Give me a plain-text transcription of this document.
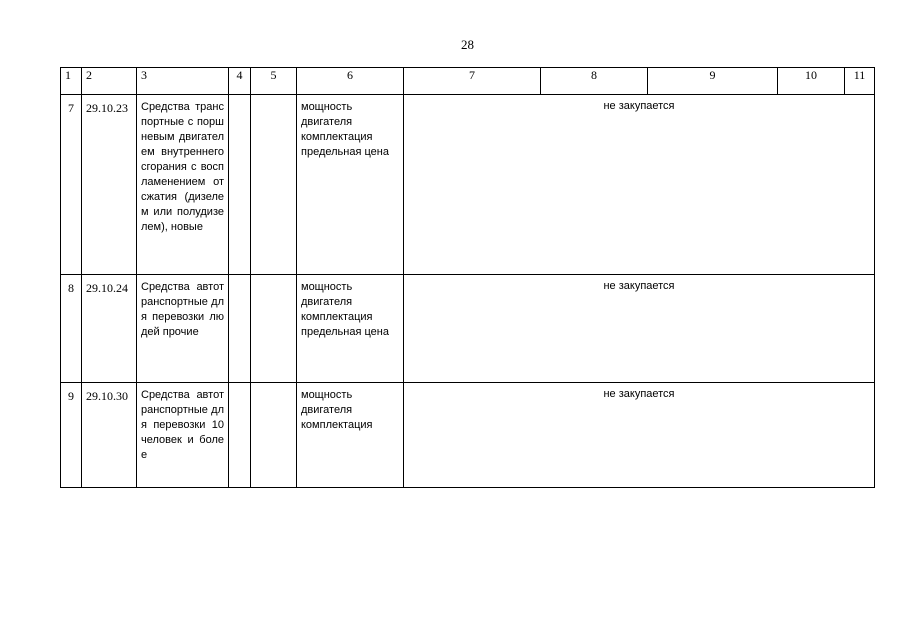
28
1	2	3	4	5	6	7	8	9	10	11
7	29.10.23	Средства транспортные с поршневым двигателем внутреннего сгорания с воспламенением от сжатия (дизелем или полудизелем), новые			мощность двигателя
комплектация
предельная цена	не закупается				
8	29.10.24	Средства автотранспортные для перевозки людей прочие			мощность двигателя
комплектация
предельная цена	не закупается				
9	29.10.30	Средства автотранспортные для перевозки 10 человек и более			мощность двигателя
комплектация	не закупается				
